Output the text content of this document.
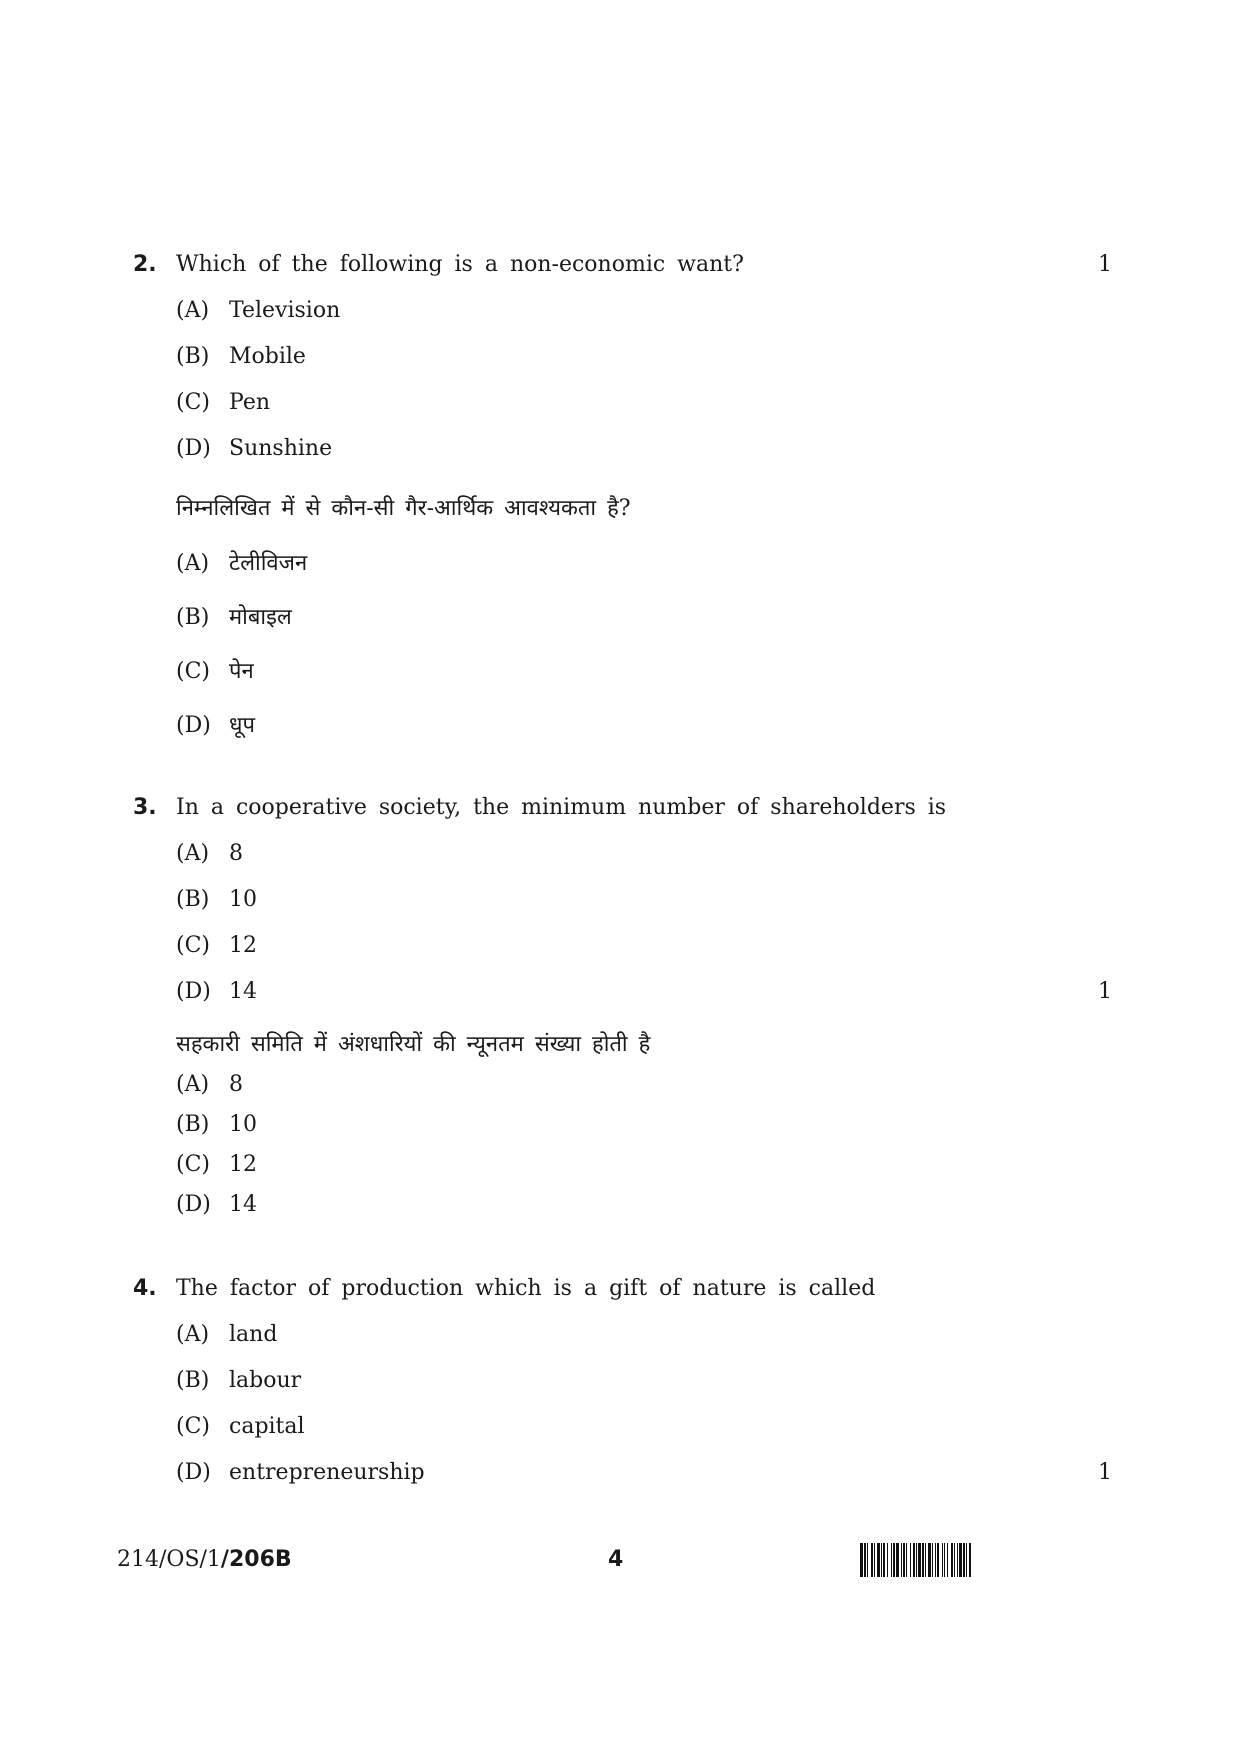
2. Which of the following is a non-economic want?	1
(A) Television
(B) Mobile
(C) Pen
(D) Sunshine
निम्नलिखित में से कौन-सी गैर-आर्थिक आवश्यकता है?
(A) टेलीविजन
(B) मोबाइल
(C) पेन
(D) धूप
3. In a cooperative society, the minimum number of shareholders is
(A) 8
(B) 10
(C) 12
(D) 14	1
सहकारी समिति में अंशधारियों की न्यूनतम संख्या होती है
(A) 8
(B) 10
(C) 12
(D) 14
4. The factor of production which is a gift of nature is called
(A) land
(B) labour
(C) capital
(D) entrepreneurship	1
214/OS/1/206B	4
